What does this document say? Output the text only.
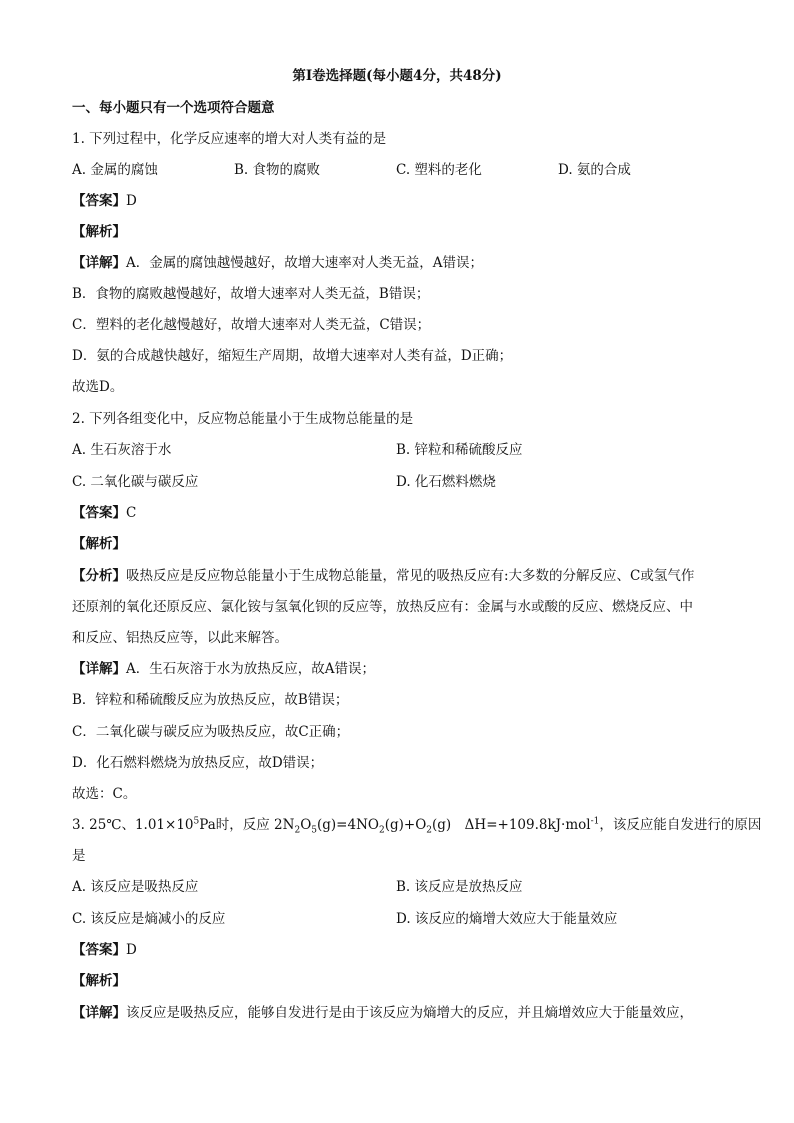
第Ⅰ卷选择题(每小题4分，共48分)
一、每小题只有一个选项符合题意
1. 下列过程中，化学反应速率的增大对人类有益的是
A. 金属的腐蚀	B. 食物的腐败	C. 塑料的老化	D. 氨的合成
【答案】D
【解析】
【详解】A．金属的腐蚀越慢越好，故增大速率对人类无益，A错误；
B．食物的腐败越慢越好，故增大速率对人类无益，B错误；
C．塑料的老化越慢越好，故增大速率对人类无益，C错误；
D．氨的合成越快越好，缩短生产周期，故增大速率对人类有益，D正确；
故选D。
2. 下列各组变化中，反应物总能量小于生成物总能量的是
A. 生石灰溶于水	B. 锌粒和稀硫酸反应
C. 二氧化碳与碳反应	D. 化石燃料燃烧
【答案】C
【解析】
【分析】吸热反应是反应物总能量小于生成物总能量，常见的吸热反应有:大多数的分解反应、C或氢气作
还原剂的氧化还原反应、氯化铵与氢氧化钡的反应等，放热反应有：金属与水或酸的反应、燃烧反应、中
和反应、铝热反应等，以此来解答。
【详解】A．生石灰溶于水为放热反应，故A错误；
B．锌粒和稀硫酸反应为放热反应，故B错误；
C．二氧化碳与碳反应为吸热反应，故C正确；
D．化石燃料燃烧为放热反应，故D错误；
故选：C。
3. 25℃、$1.01\times 10^5Pa$时，反应 $2N_2O_5(g)=4NO_2(g)+O_2(g)$　ΔH=+109.8kJ·mol$^{-1}$，该反应能自发进行的原因
是
A. 该反应是吸热反应	B. 该反应是放热反应
C. 该反应是熵减小的反应	D. 该反应的熵增大效应大于能量效应
【答案】D
【解析】
【详解】该反应是吸热反应，能够自发进行是由于该反应为熵增大的反应，并且熵增效应大于能量效应，
